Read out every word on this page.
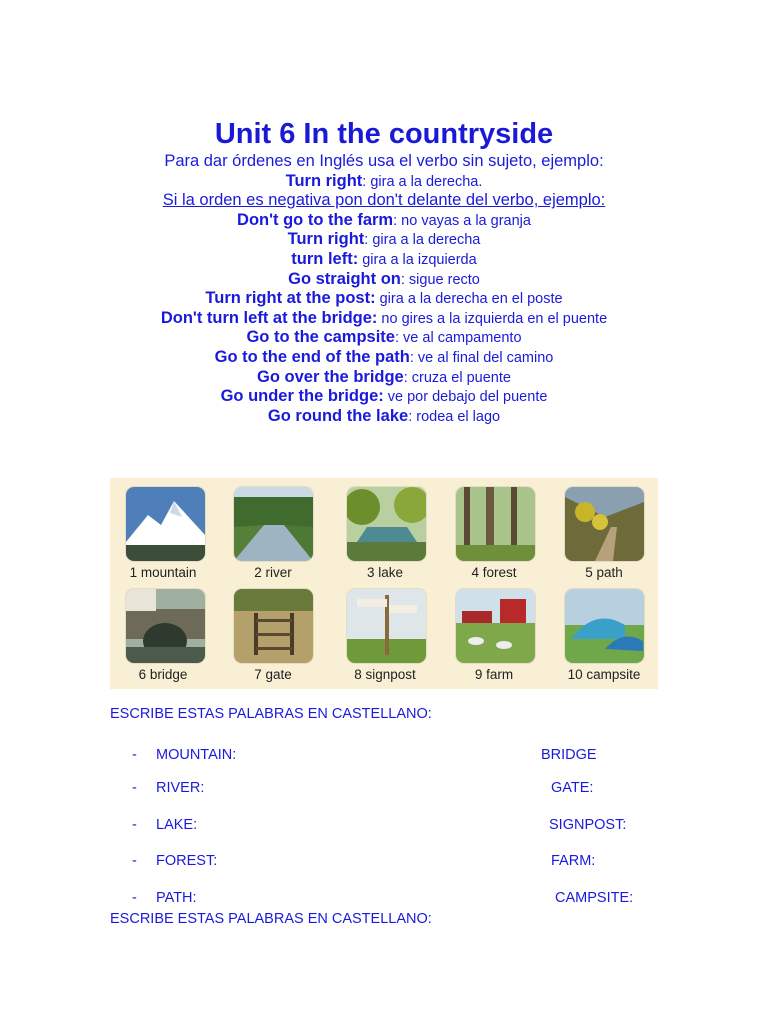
Unit 6 In the countryside
Para dar órdenes en Inglés usa el verbo sin sujeto, ejemplo:
Turn right: gira a la derecha.
Si la orden es negativa pon don't delante del verbo, ejemplo:
Don't go to the farm: no vayas a la granja
Turn right: gira a la derecha
turn left: gira a la izquierda
Go straight on: sigue recto
Turn right at the post: gira a la derecha en el poste
Don't turn left at the bridge: no gires a la izquierda en el puente
Go to the campsite: ve al campamento
Go to the end of the path: ve al final del camino
Go over the bridge: cruza el puente
Go under the bridge: ve por debajo del puente
Go round the lake: rodea el lago
1 mountain	2 river	3 lake	4 forest	5 path
6 bridge	7 gate	8 signpost	9 farm	10 campsite
ESCRIBE ESTAS PALABRAS EN CASTELLANO:
- MOUNTAIN:	BRIDGE
- RIVER:	GATE:
- LAKE:	SIGNPOST:
- FOREST:	FARM:
- PATH:	CAMPSITE:
ESCRIBE ESTAS PALABRAS EN CASTELLANO:
